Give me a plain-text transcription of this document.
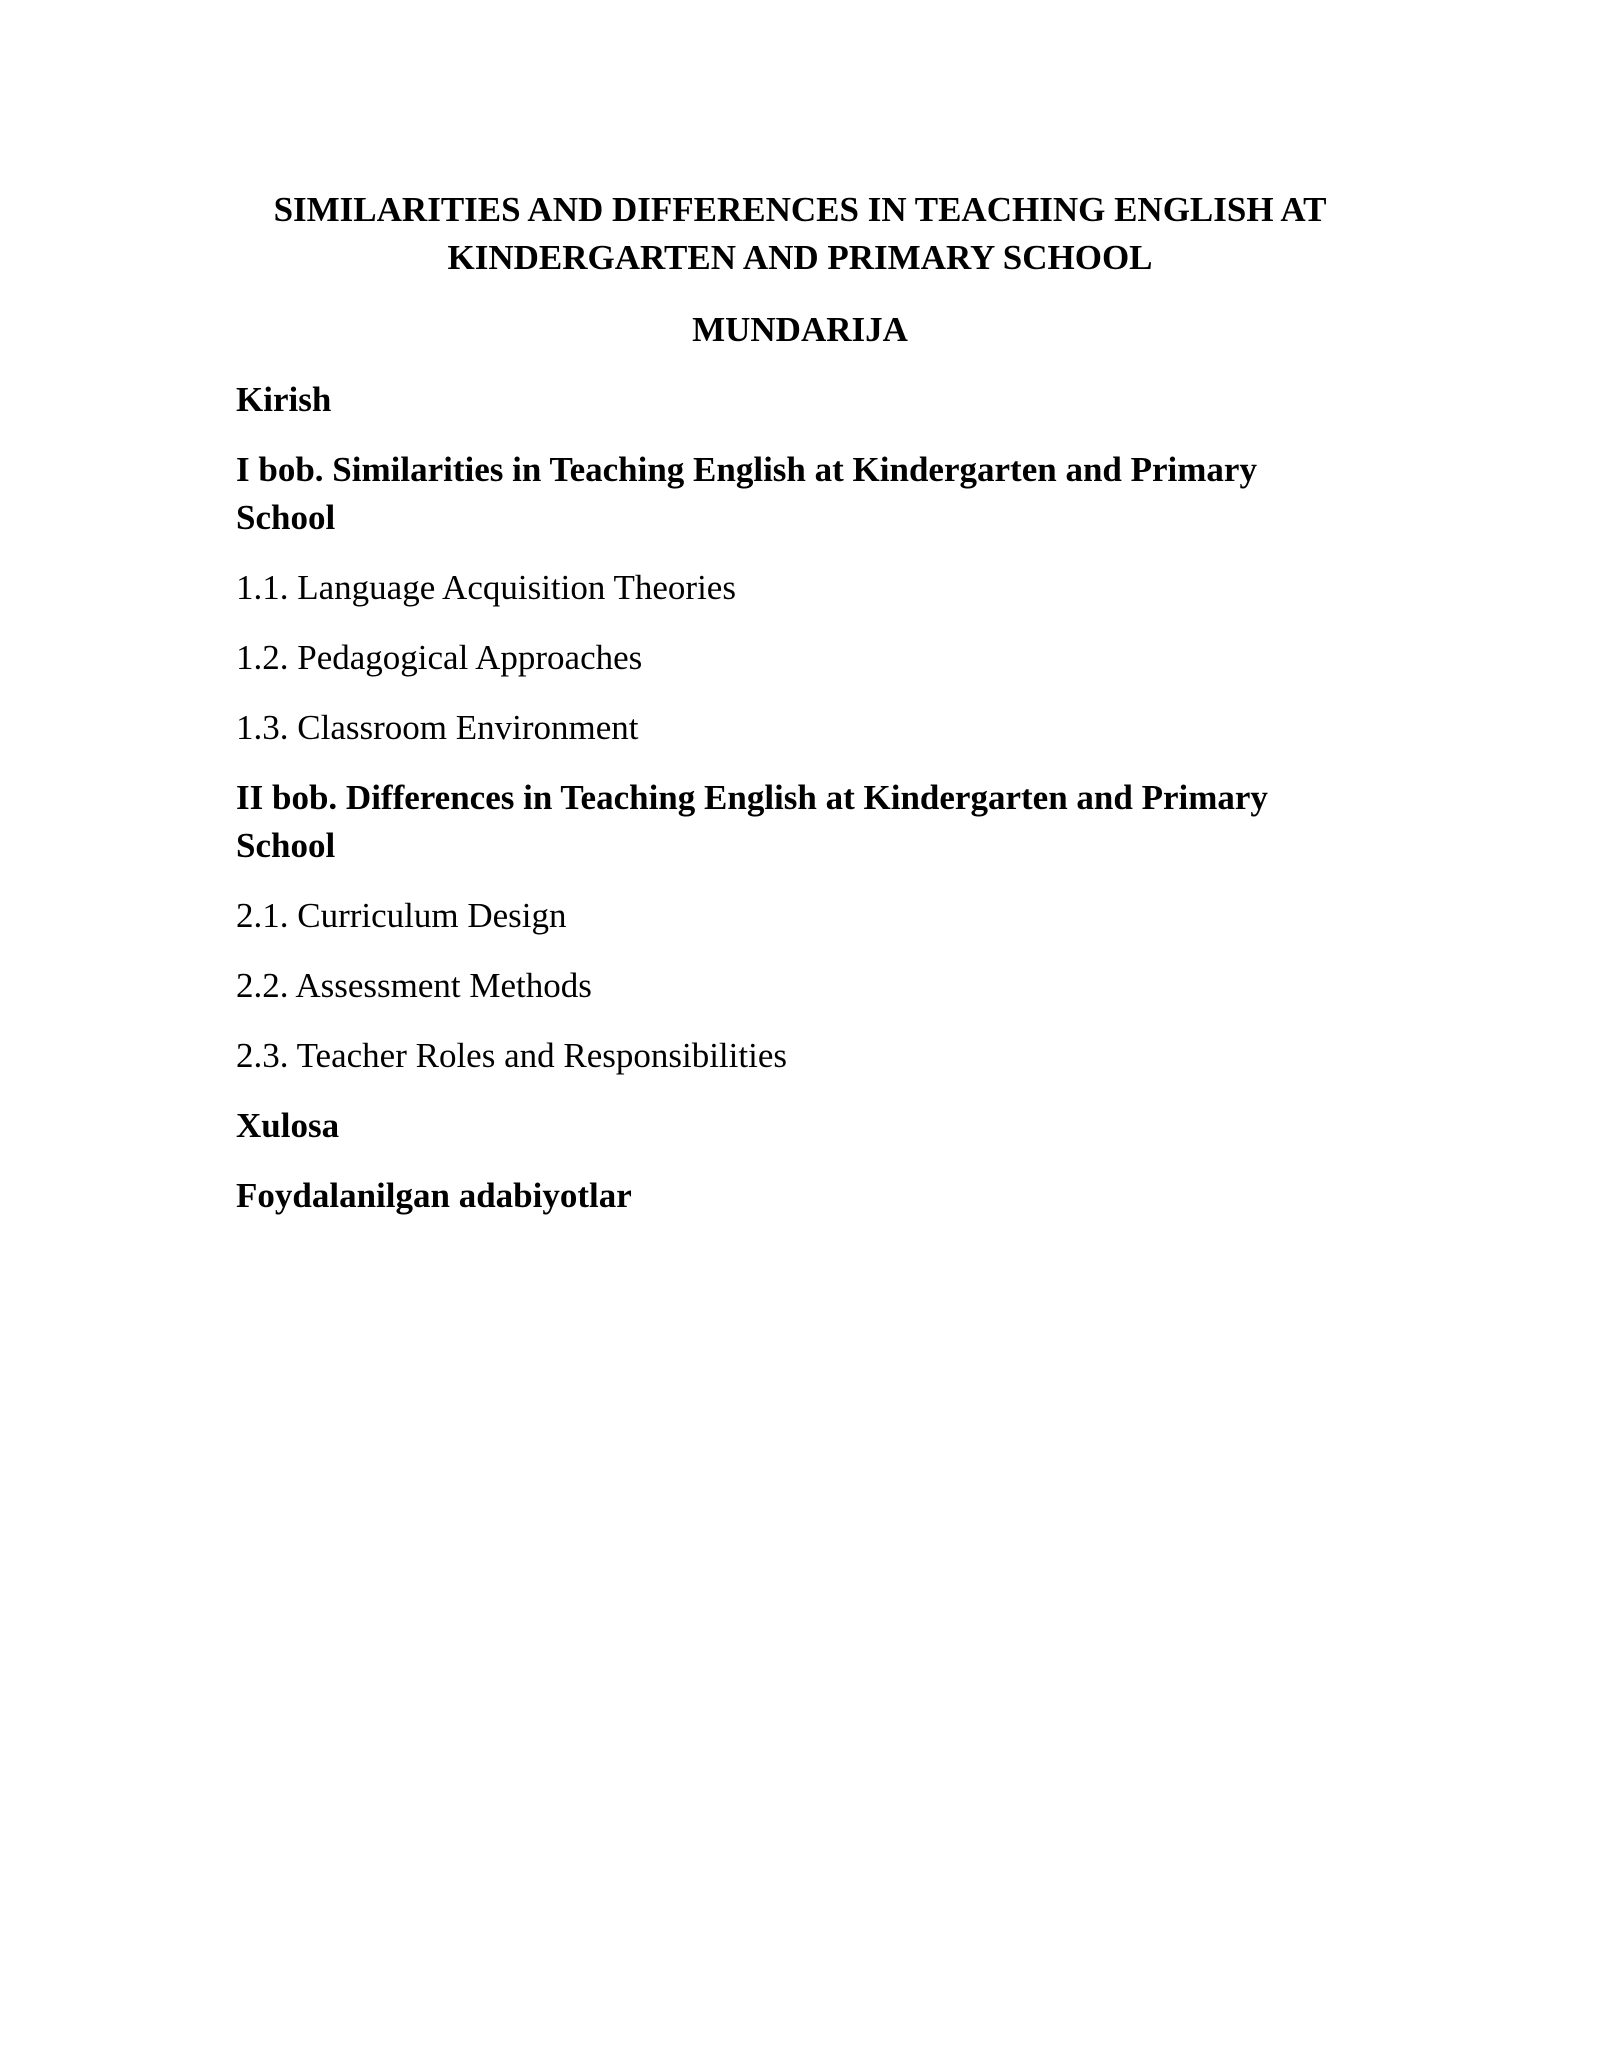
SIMILARITIES AND DIFFERENCES IN TEACHING ENGLISH AT
KINDERGARTEN AND PRIMARY SCHOOL
MUNDARIJA
Kirish
I bob. Similarities in Teaching English at Kindergarten and Primary School
1.1. Language Acquisition Theories
1.2. Pedagogical Approaches
1.3. Classroom Environment
II bob. Differences in Teaching English at Kindergarten and Primary School
2.1. Curriculum Design
2.2. Assessment Methods
2.3. Teacher Roles and Responsibilities
Xulosa
Foydalanilgan adabiyotlar
